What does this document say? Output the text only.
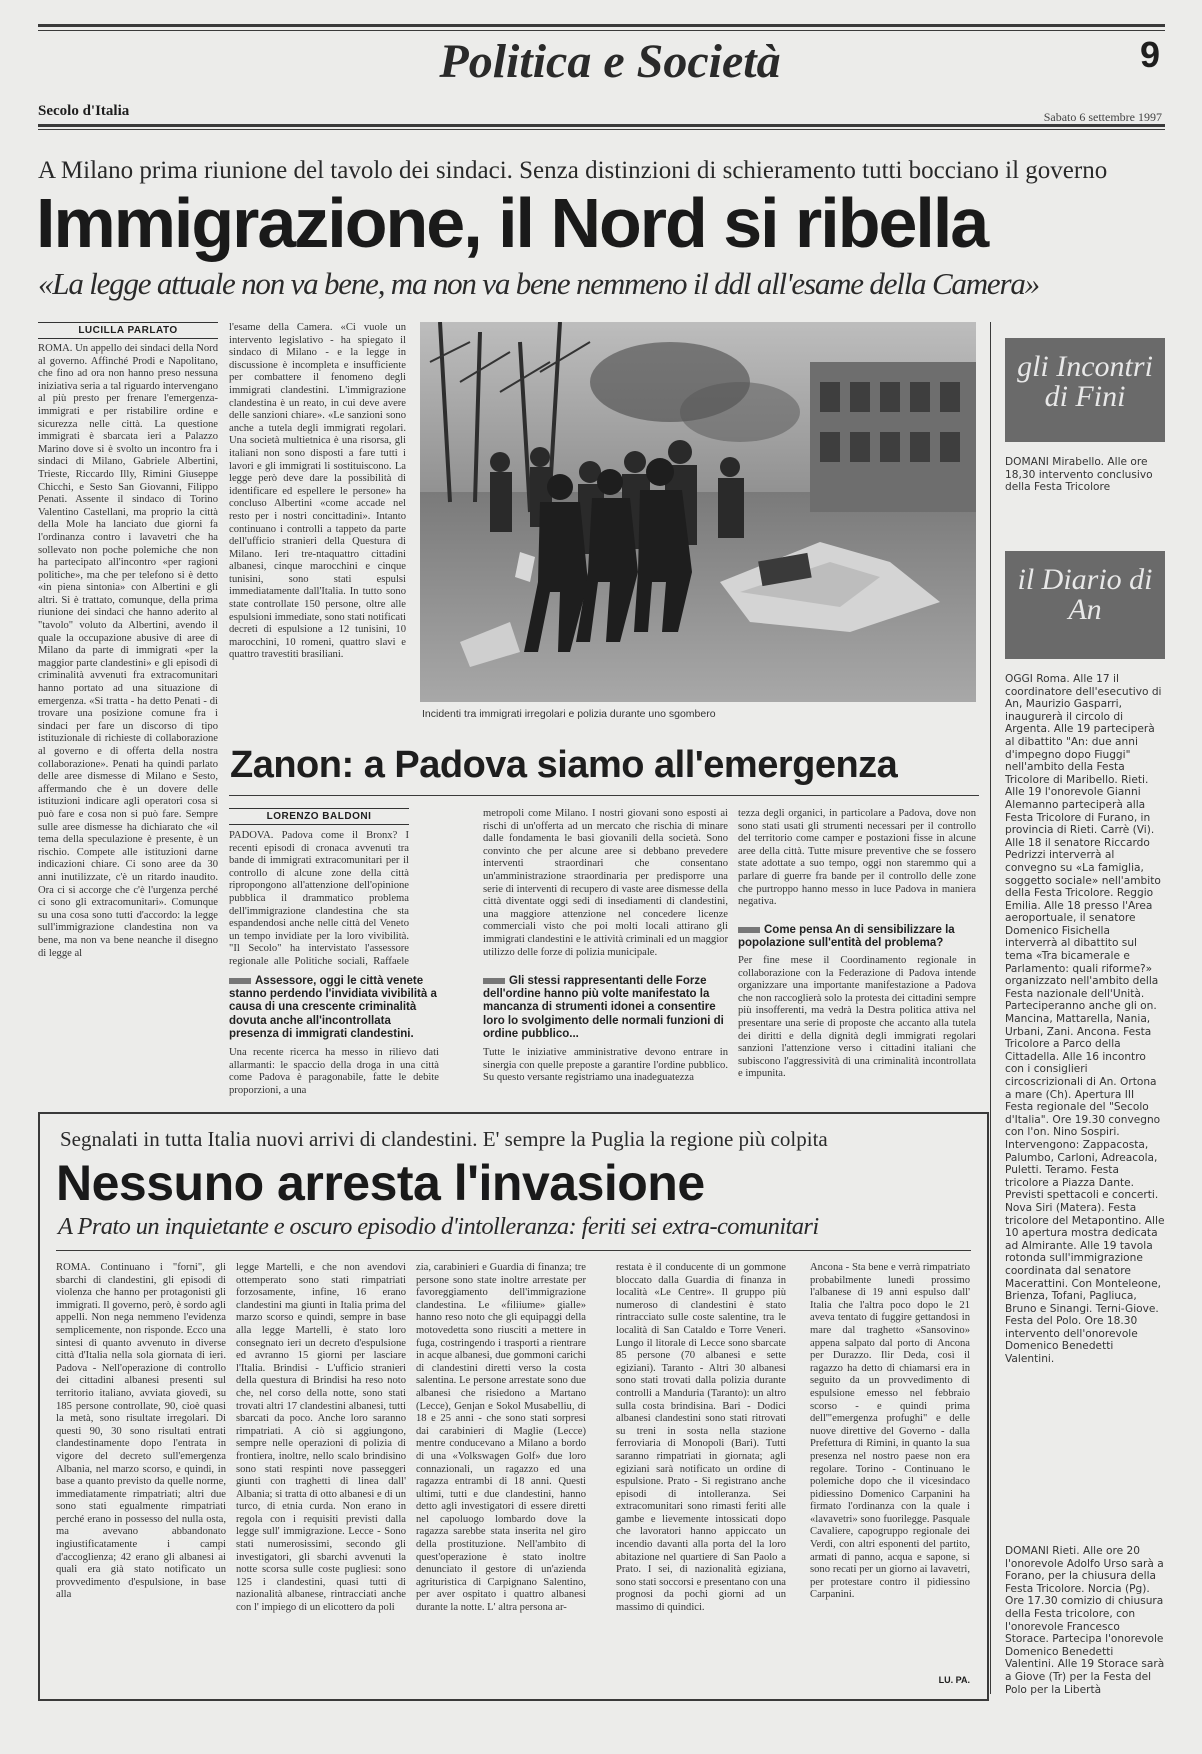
Politica e Società	9
Secolo d'Italia	Sabato 6 settembre 1997
A Milano prima riunione del tavolo dei sindaci. Senza distinzioni di schieramento tutti bocciano il governo
Immigrazione, il Nord si ribella
«La legge attuale non va bene, ma non va bene nemmeno il ddl all'esame della Camera»
LUCILLA PARLATO
ROMA. Un appello dei sindaci della Nord al governo. Affinché Prodi e Napolitano, che fino ad ora non hanno preso nessuna iniziativa seria a tal riguardo intervengano al più presto per frenare l'emergenza-immigrati e per ristabilire ordine e sicurezza nelle città. La questione immigrati è sbarcata ieri a Palazzo Marino dove si è svolto un incontro fra i sindaci di Milano, Gabriele Albertini, Trieste, Riccardo Illy, Rimini Giuseppe Chicchi, e Sesto San Giovanni, Filippo Penati. Assente il sindaco di Torino Valentino Castellani, ma proprio la città della Mole ha lanciato due giorni fa l'ordinanza contro i lavavetri che ha sollevato non poche polemiche che non ha partecipato all'incontro «per ragioni politiche», ma che per telefono si è detto «in piena sintonia» con Albertini e gli altri. Si è trattato, comunque, della prima riunione dei sindaci che hanno aderito al "tavolo" voluto da Albertini, avendo il quale la occupazione abusive di aree di Milano da parte di immigrati «per la maggior parte clandestini» e gli episodi di criminalità avvenuti fra extracomunitari hanno portato ad una situazione di emergenza. «Si tratta - ha detto Penati - di trovare una posizione comune fra i sindaci per fare un discorso di tipo istituzionale di richieste di collaborazione al governo e di offerta della nostra collaborazione». Penati ha quindi parlato delle aree dismesse di Milano e Sesto, affermando che è un dovere delle istituzioni indicare agli operatori cosa si può fare e cosa non si può fare. Sempre sulle aree dismesse ha dichiarato che «il tema della speculazione è presente, è un rischio. Compete alle istituzioni darne indicazioni chiare. Ci sono aree da 30 anni inutilizzate, c'è un ritardo inaudito. Ora ci si accorge che c'è l'urgenza perché ci sono gli extracomunitari». Comunque su una cosa sono tutti d'accordo: la legge sull'immigrazione clandestina non va bene, ma non va bene neanche il disegno di legge al
l'esame della Camera. «Ci vuole un intervento legislativo - ha spiegato il sindaco di Milano - e la legge in discussione è incompleta e insufficiente per combattere il fenomeno degli immigrati clandestini. L'immigrazione clandestina è un reato, in cui deve avere delle sanzioni chiare». «Le sanzioni sono anche a tutela degli immigrati regolari. Una società multietnica è una risorsa, gli italiani non sono disposti a fare tutti i lavori e gli immigrati li sostituiscono. La legge però deve dare la possibilità di identificare ed espellere le persone» ha concluso Albertini «come accade nel resto per i nostri concittadini». Intanto continuano i controlli a tappeto da parte dell'ufficio stranieri della Questura di Milano. Ieri tre-ntaquattro cittadini albanesi, cinque marocchini e cinque tunisini, sono stati espulsi immediatamente dall'Italia. In tutto sono state controllate 150 persone, oltre alle espulsioni immediate, sono stati notificati decreti di espulsione a 12 tunisini, 10 marocchini, 10 romeni, quattro slavi e quattro travestiti brasiliani.
Incidenti tra immigrati irregolari e polizia durante uno sgombero
Zanon: a Padova siamo all'emergenza
LORENZO BALDONI
PADOVA. Padova come il Bronx? I recenti episodi di cronaca avvenuti tra bande di immigrati extracomunitari per il controllo di alcune zone della città ripropongono all'attenzione dell'opinione pubblica il drammatico problema dell'immigrazione clandestina che sta espandendosi anche nelle città del Veneto un tempo invidiate per la loro vivibilità. "Il Secolo" ha intervistato l'assessore regionale alle Politiche sociali, Raffaele
Assessore, oggi le città venete stanno perdendo l'invidiata vivibilità a causa di una crescente criminalità dovuta anche all'incontrollata presenza di immigrati clandestini.
Una recente ricerca ha messo in rilievo dati allarmanti: le spaccio della droga in una città come Padova è paragonabile, fatte le debite proporzioni, a una
metropoli come Milano. I nostri giovani sono esposti ai rischi di un'offerta ad un mercato che rischia di minare dalle fondamenta le basi giovanili della società. Sono convinto che per alcune aree si debbano prevedere interventi straordinari che consentano un'amministrazione straordinaria per predisporre una serie di interventi di recupero di vaste aree dismesse della città diventate oggi sedi di insediamenti di clandestini, una maggiore attenzione nel concedere licenze commerciali visto che poi molti locali attirano gli immigrati clandestini e le attività criminali ed un maggior utilizzo delle forze di polizia municipale.
Gli stessi rappresentanti delle Forze dell'ordine hanno più volte manifestato la mancanza di strumenti idonei a consentire loro lo svolgimento delle normali funzioni di ordine pubblico...
Tutte le iniziative amministrative devono entrare in sinergia con quelle preposte a garantire l'ordine pubblico. Su questo versante registriamo una inadeguatezza
tezza degli organici, in particolare a Padova, dove non sono stati usati gli strumenti necessari per il controllo del territorio come camper e postazioni fisse in alcune aree della città. Tutte misure preventive che se fossero state adottate a suo tempo, oggi non staremmo qui a parlare di guerre fra bande per il controllo delle zone che purtroppo hanno messo in luce Padova in maniera negativa.
Come pensa An di sensibilizzare la popolazione sull'entità del problema?
Per fine mese il Coordinamento regionale in collaborazione con la Federazione di Padova intende organizzare una importante manifestazione a Padova che non raccoglierà solo la protesta dei cittadini sempre più insofferenti, ma vedrà la Destra politica attiva nel presentare una serie di proposte che accanto alla tutela dei diritti e della dignità degli immigrati regolari sanzioni l'attenzione verso i cittadini italiani che subiscono l'aggressività di una criminalità incontrollata e impunita.
gli Incontri di Fini
DOMANI Mirabello. Alle ore 18,30 intervento conclusivo della Festa Tricolore
il Diario di An
OGGI Roma. Alle 17 il coordinatore dell'esecutivo di An, Maurizio Gasparri, inaugurerà il circolo di Argenta. Alle 19 parteciperà al dibattito "An: due anni d'impegno dopo Fiuggi" nell'ambito della Festa Tricolore di Maribello. Rieti. Alle 19 l'onorevole Gianni Alemanno parteciperà alla Festa Tricolore di Furano, in provincia di Rieti. Carrè (Vi). Alle 18 il senatore Riccardo Pedrizzi interverrà al convegno su «La famiglia, soggetto sociale» nell'ambito della Festa Tricolore. Reggio Emilia. Alle 18 presso l'Area aeroportuale, il senatore Domenico Fisichella interverrà al dibattito sul tema «Tra bicamerale e Parlamento: quali riforme?» organizzato nell'ambito della Festa nazionale dell'Unità. Parteciperanno anche gli on. Mancina, Mattarella, Nania, Urbani, Zani. Ancona. Festa Tricolore a Parco della Cittadella. Alle 16 incontro con i consiglieri circoscrizionali di An. Ortona a mare (Ch). Apertura III Festa regionale del "Secolo d'Italia". Ore 19.30 convegno con l'on. Nino Sospiri. Intervengono: Zappacosta, Palumbo, Carloni, Adreacola, Puletti. Teramo. Festa tricolore a Piazza Dante. Previsti spettacoli e concerti. Nova Siri (Matera). Festa tricolore del Metapontino. Alle 10 apertura mostra dedicata ad Almirante. Alle 19 tavola rotonda sull'immigrazione coordinata dal senatore Macerattini. Con Monteleone, Brienza, Tofani, Pagliuca, Bruno e Sinangi. Terni-Giove. Festa del Polo. Ore 18.30 intervento dell'onorevole Domenico Benedetti Valentini.
DOMANI Rieti. Alle ore 20 l'onorevole Adolfo Urso sarà a Forano, per la chiusura della Festa Tricolore. Norcia (Pg). Ore 17.30 comizio di chiusura della Festa tricolore, con l'onorevole Francesco Storace. Partecipa l'onorevole Domenico Benedetti Valentini. Alle 19 Storace sarà a Giove (Tr) per la Festa del Polo per la Libertà
Segnalati in tutta Italia nuovi arrivi di clandestini. E' sempre la Puglia la regione più colpita
Nessuno arresta l'invasione
A Prato un inquietante e oscuro episodio d'intolleranza: feriti sei extra-comunitari
ROMA. Continuano i "forni", gli sbarchi di clandestini, gli episodi di violenza che hanno per protagonisti gli immigrati. Il governo, però, è sordo agli appelli. Non nega nemmeno l'evidenza semplicemente, non risponde. Ecco una sintesi di quanto avvenuto in diverse città d'Italia nella sola giornata di ieri. Padova - Nell'operazione di controllo dei cittadini albanesi presenti sul territorio italiano, avviata giovedì, su 185 persone controllate, 90, cioè quasi la metà, sono risultate irregolari. Di questi 90, 30 sono risultati entrati clandestinamente dopo l'entrata in vigore del decreto sull'emergenza Albania, nel marzo scorso, e quindi, in base a quanto previsto da quelle norme, immediatamente rimpatriati; altri due sono stati egualmente rimpatriati perché erano in possesso del nulla osta, ma avevano abbandonato ingiustificatamente i campi d'accoglienza; 42 erano gli albanesi ai quali era già stato notificato un provvedimento d'espulsione, in base alla
legge Martelli, e che non avendovi ottemperato sono stati rimpatriati forzosamente, infine, 16 erano clandestini ma giunti in Italia prima del marzo scorso e quindi, sempre in base alla legge Martelli, è stato loro consegnato ieri un decreto d'espulsione ed avranno 15 giorni per lasciare l'Italia. Brindisi - L'ufficio stranieri della questura di Brindisi ha reso noto che, nel corso della notte, sono stati trovati altri 17 clandestini albanesi, tutti sbarcati da poco. Anche loro saranno rimpatriati. A ciò si aggiungono, sempre nelle operazioni di polizia di frontiera, inoltre, nello scalo brindisino sono stati respinti nove passeggeri giunti con traghetti di linea dall' Albania; si tratta di otto albanesi e di un turco, di etnia curda. Non erano in regola con i requisiti previsti dalla legge sull' immigrazione. Lecce - Sono stati numerosissimi, secondo gli investigatori, gli sbarchi avvenuti la notte scorsa sulle coste pugliesi: sono 125 i clandestini, quasi tutti di nazionalità albanese, rintracciati anche con l' impiego di un elicottero da poli
zia, carabinieri e Guardia di finanza; tre persone sono state inoltre arrestate per favoreggiamento dell'immigrazione clandestina. Le «filiiume» gialle» hanno reso noto che gli equipaggi della motovedetta sono riusciti a mettere in fuga, costringendo i trasporti a rientrare in acque albanesi, due gommoni carichi di clandestini diretti verso la costa salentina. Le persone arrestate sono due albanesi che risiedono a Martano (Lecce), Genjan e Sokol Musabelliu, di 18 e 25 anni - che sono stati sorpresi dai carabinieri di Maglie (Lecce) mentre conducevano a Milano a bordo di una «Volkswagen Golf» due loro connazionali, un ragazzo ed una ragazza entrambi di 18 anni. Questi ultimi, tutti e due clandestini, hanno detto agli investigatori di essere diretti nel capoluogo lombardo dove la ragazza sarebbe stata inserita nel giro della prostituzione. Nell'ambito di quest'operazione è stato inoltre denunciato il gestore di un'azienda agrituristica di Carpignano Salentino, per aver ospitato i quattro albanesi durante la notte. L' altra persona ar-
restata è il conducente di un gommone bloccato dalla Guardia di finanza in località «Le Centre». Il gruppo più numeroso di clandestini è stato rintracciato sulle coste salentine, tra le località di San Cataldo e Torre Veneri. Lungo il litorale di Lecce sono sbarcate 85 persone (70 albanesi e sette egiziani). Taranto - Altri 30 albanesi sono stati trovati dalla polizia durante controlli a Manduria (Taranto): un altro sulla costa brindisina. Bari - Dodici albanesi clandestini sono stati ritrovati su treni in sosta nella stazione ferroviaria di Monopoli (Bari). Tutti saranno rimpatriati in giornata; agli egiziani sarà notificato un ordine di espulsione. Prato - Si registrano anche episodi di intolleranza. Sei extracomunitari sono rimasti feriti alle gambe e lievemente intossicati dopo che lavoratori hanno appiccato un incendio davanti alla porta del la loro abitazione nel quartiere di San Paolo a Prato. I sei, di nazionalità egiziana, sono stati soccorsi e presentano con una prognosi da pochi giorni ad un massimo di quindici.
Ancona - Sta bene e verrà rimpatriato probabilmente lunedì prossimo l'albanese di 19 anni espulso dall' Italia che l'altra poco dopo le 21 aveva tentato di fuggire gettandosi in mare dal traghetto «Sansovino» appena salpato dal porto di Ancona per Durazzo. Ilir Deda, così il ragazzo ha detto di chiamarsi era in seguito da un provvedimento di espulsione emesso nel febbraio scorso - e quindi prima dell'"emergenza profughi" e delle nuove direttive del Governo - dalla Prefettura di Rimini, in quanto la sua presenza nel nostro paese non era regolare. Torino - Continuano le polemiche dopo che il vicesindaco pidiessino Domenico Carpanini ha firmato l'ordinanza con la quale i «lavavetri» sono fuorilegge. Pasquale Cavaliere, capogruppo regionale dei Verdi, con altri esponenti del partito, armati di panno, acqua e sapone, si sono recati per un giorno ai lavavetri, per protestare contro il pidiessino Carpanini.
LU. PA.
